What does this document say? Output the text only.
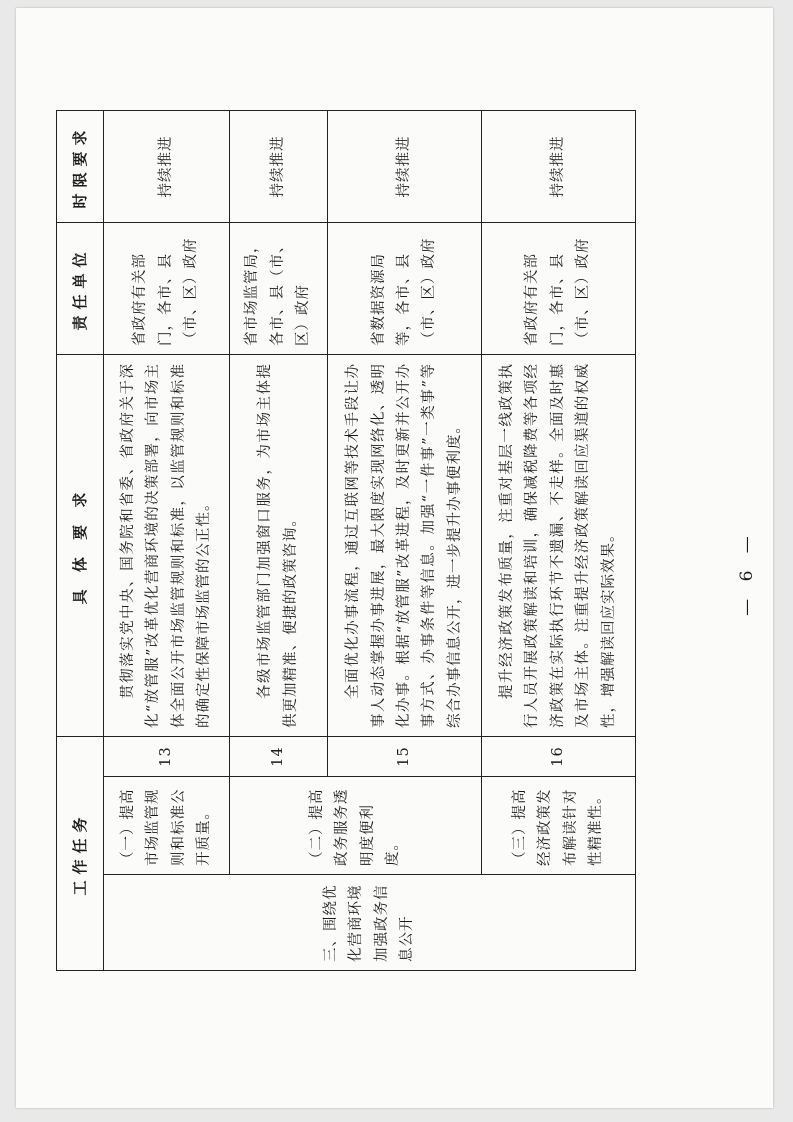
工作任务			具 体 要 求	责任单位	时限要求
三、围绕优化营商环境加强政务信息公开	（一）提高市场监管规则和标准公开质量。	13	贯彻落实党中央、国务院和省委、省政府关于深化“放管服”改革优化营商环境的决策部署，向市场主体全面公开市场监管规则和标准，以监管规则和标准的确定性保障市场监管的公正性。	省政府有关部门，各市、县（市、区）政府	持续推进
	（二）提高政务服务透明度便利度。	14	各级市场监管部门加强窗口服务，为市场主体提供更加精准、便捷的政策咨询。	省市场监管局，各市、县（市、区）政府	持续推进
		15	全面优化办事流程，通过互联网等技术手段让办事人动态掌握办事进展，最大限度实现网络化、透明化办事。根据“放管服”改革进程，及时更新并公开办事方式、办事条件等信息。加强“一件事”一类事”等综合办事信息公开，进一步提升办事便利度。	省数据资源局等，各市、县（市、区）政府	持续推进
	（三）提高经济政策发布解读针对性精准性。	16	提升经济政策发布质量，注重对基层一线政策执行人员开展政策解读和培训，确保减税降费等各项经济政策在实际执行环节不遗漏、不走样。全面及时惠及市场主体。注重提升经济政策解读回应渠道的权威性，增强解读回应实际效果。	省政府有关部门，各市、县（市、区）政府	持续推进
— 6 —
